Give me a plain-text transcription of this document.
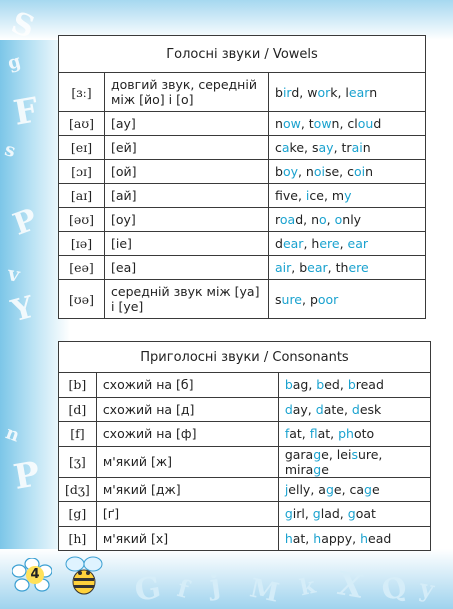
g
S
F
s
P
v
Y
n
P
G f j M k X Q y
Голосні звуки / Vowels		
[ɜː]	довгий звук, середній між [йо] і [о]	bird, work, learn
[aʊ]	[ау]	now, town, cloud
[eɪ]	[ей]	cake, say, train
[ɔɪ]	[ой]	boy, noise, coin
[aɪ]	[ай]	fve, ice, my
[əʊ]	[оу]	road, no, only
[ɪə]	[іе]	dear, here, ear
[eə]	[еа]	air, bear, there
[ʊə]	середній звук між [уа] і [уе]	sure, poor
Приголосні звуки / Consonants		
[b]	схожий на [б]	bag, bed, bread
[d]	схожий на [д]	day, date, desk
[f]	схожий на [ф]	fat, flat, photo
[ʒ]	м'який [ж]	garage, leisure, mirage
[dʒ]	м'який [дж]	jelly, age, cage
[g]	[ґ]	girl, glad, goat
[h]	м'який [х]	hat, happy, head
4
